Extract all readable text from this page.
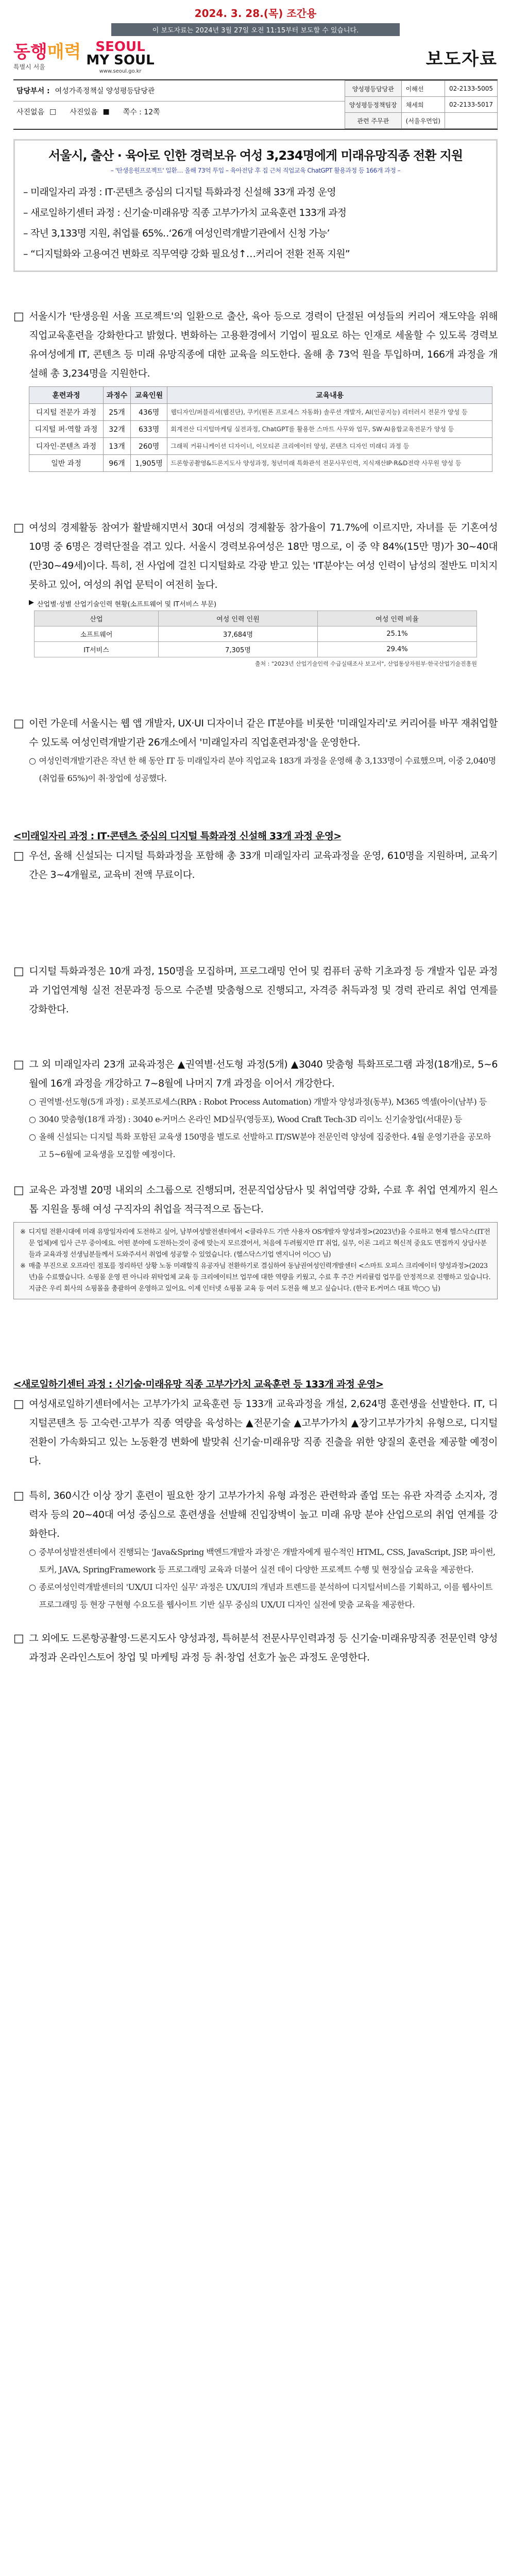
2024. 3. 28.(목) 조간용
이 보도자료는 2024년 3월 27일 오전 11:15부터 보도할 수 있습니다.
동행매력
특별시 서울
SEOUL
MY SOUL
www.seoul.go.kr
보도자료
담당부서 : 여성가족정책실 양성평등담당관
사진없음 □ 사진있음 ■ 쪽수 : 12쪽
양성평등담당관	이해선	02-2133-5005
양성평등정책팀장	채세희	02-2133-5017
관련 주무관	(서울우먼업)	
서울시, 출산 · 육아로 인한 경력보유 여성 3,234명에게 미래유망직종 전환 지원
– '탄생응원프로젝트' 일환… 올해 73억 투입 – 육아전담 후 집 근처 직업교육 ChatGPT 활용과정 등 166개 과정 –
– 미래일자리 과정 : IT·콘텐츠 중심의 디지털 특화과정 신설해 33개 과정 운영
– 새로일하기센터 과정 : 신기술·미래유망 직종 고부가가치 교육훈련 133개 과정
– 작년 3,133명 지원, 취업률 65%‥‘26개 여성인력개발기관에서 신청 가능’
– “디지털화와 고용여건 변화로 직무역량 강화 필요성↑…커리어 전환 전폭 지원”
□ 서울시가 '탄생응원 서울 프로젝트'의 일환으로 출산, 육아 등으로 경력이 단절된 여성들의 커리어 재도약을 위해 직업교육훈련을 강화한다고 밝혔다. 변화하는 고용환경에서 기업이 필요로 하는 인재로 세울할 수 있도록 경력보유여성에게 IT, 콘텐츠 등 미래 유망직종에 대한 교육을 의도한다. 올해 총 73억 원을 투입하며, 166개 과정을 개설해 총 3,234명을 지원한다.
훈련과정	과정수	교육인원	교육내용
디지털 전문가 과정	25개	436명	웹디자인/퍼블리셔(웹진단), 쿠키(뭔폰 프로세스 자동화) 솔루션 개발자, AI(인공지능) 리터러시 전문가 양성 등
디지털 퍼·역할 과정	32개	633명	회계전산 디지털마케팅 실전과정, ChatGPT를 활용한 스마트 사무와 업무, SW·AI융합교육전문가 양성 등
디자인·콘텐츠 과정	13개	260명	그래픽 커뮤니케이션 디자이너, 이모티콘 크리에이터 양성, 콘텐츠 디자인 미래디 과정 등
일반 과정	96개	1,905명	드론항공촬영&드론지도사 양성과정, 청년미래 특화관석 전문사무인력, 지식재산IP·R&D전략 사무원 양성 등
□ 여성의 경제활동 참여가 활발해지면서 30대 여성의 경제활동 참가율이 71.7%에 이르지만, 자녀를 둔 기혼여성 10명 중 6명은 경력단절을 겪고 있다. 서울시 경력보유여성은 18만 명으로, 이 중 약 84%(15만 명)가 30~40대(만30~49세)이다. 특히, 전 사업에 걸친 디지털화로 각광 받고 있는 'IT분야'는 여성 인력이 남성의 절반도 미치지 못하고 있어, 여성의 취업 문턱이 여전히 높다.
▶ 산업별·성별 산업기술인력 현황(소프트웨어 및 IT서비스 부문)
산업	여성 인력 인원	여성 인력 비율
소프트웨어	37,684명	25.1%
IT서비스	7,305명	29.4%
출처 : "2023년 산업기술인력 수급실태조사 보고서", 산업통상자원부·한국산업기술진흥원
□ 이런 가운데 서울시는 웹 앱 개발자, UX·UI 디자이너 같은 IT분야를 비롯한 '미래일자리'로 커리어를 바꾸 재취업할 수 있도록 여성인력개발기관 26개소에서 '미래일자리 직업훈련과정'을 운영한다.
○ 여성인력개발기관은 작년 한 해 동안 IT 등 미래일자리 분야 직업교육 183개 과정을 운영해 총 3,133명이 수료했으며, 이중 2,040명(취업률 65%)이 취·창업에 성공했다.
<미래일자리 과정 : IT·콘텐츠 중심의 디지털 특화과정 신설해 33개 과정 운영>
□ 우선, 올해 신설되는 디지털 특화과정을 포함해 총 33개 미래일자리 교육과정을 운영, 610명을 지원하며, 교육기간은 3~4개월로, 교육비 전액 무료이다.
□ 디지털 특화과정은 10개 과정, 150명을 모집하며, 프로그래밍 언어 및 컴퓨터 공학 기초과정 등 개발자 입문 과정과 기업연계형 실전 전문과정 등으로 수준별 맞춤형으로 진행되고, 자격증 취득과정 및 경력 관리로 취업 연계를 강화한다.
□ 그 외 미래일자리 23개 교육과정은 ▲권역별·선도형 과정(5개) ▲3040 맞춤형 특화프로그램 과정(18개)로, 5~6월에 16개 과정을 개강하고 7~8월에 나머지 7개 과정을 이어서 개강한다.
○ 권역별·선도형(5개 과정) : 로봇프로세스(RPA : Robot Process Automation) 개발자 양성과정(동부), M365 엑셀(아이(남부) 등
○ 3040 맞춤형(18개 과정) : 3040 e-커머스 온라인 MD실무(영등포), Wood Craft Tech-3D 리이노 신기술창업(서대문) 등
○ 올해 신설되는 디지털 특화 포함된 교육생 150명을 별도로 선발하고 IT/SW분야 전문인력 양성에 집중한다. 4월 운영기관을 공모하고 5~6월에 교육생을 모집할 예정이다.
□ 교육은 과정별 20명 내외의 소그룹으로 진행되며, 전문직업상담사 및 취업역량 강화, 수료 후 취업 연계까지 원스톱 지원을 통해 여성 구직자의 취업을 적극적으로 돕는다.
※ 디지털 전환시대에 미래 유망일자리에 도전하고 싶어, 남부여성발전센터에서 <클라우드 기반 사용자 OS개발자 양성과정>(2023년)을 수료하고 현재 헬스닥스(IT전문 업체)에 입사 근무 중이에요. 어떤 분야에 도전하는것이 중에 맞는지 모르겠어서, 처음에 두려웠지만 IT 취업, 실무, 이론 그리고 혁신적 중요도 면접까지 상담사분들과 교육과정 선생님분들께서 도와주셔서 취업에 성공할 수 있었습니다. (헬스닥스기업 엔지니어 이○○ 님)
※ 매출 부진으로 오프라인 점포를 정리하던 상황 노동 미래할직 유공자님 전환하기로 결심하여 동남권여성인력개발센터 <스마트 오피스 크리에이터 양성과정>(2023년)을 수료했습니다. 쇼핑몰 운영 편 아니라 위탁업체 교육 등 크리에이티브 업무에 대한 역량을 키웠고, 수료 후 주간 커리큘럼 업무를 안정적으로 진행하고 있습니다. 지금은 우리 회사의 쇼핑몰을 총괄하여 운영하고 있어요. 이제 인터넷 쇼핑몰 교육 등 여러 도전을 해 보고 싶습니다. (한국 E-커머스 대표 박○○ 님)
<새로일하기센터 과정 : 신기술·미래유망 직종 고부가가치 교육훈련 등 133개 과정 운영>
□ 여성새로일하기센터에서는 고부가가치 교육훈련 등 133개 교육과정을 개설, 2,624명 훈련생을 선발한다. IT, 디지털콘텐츠 등 고숙련·고부가 직종 역량을 육성하는 ▲전문기술 ▲고부가가치 ▲장기고부가가치 유형으로, 디지털 전환이 가속화되고 있는 노동환경 변화에 발맞춰 신기술·미래유망 직종 진출을 위한 양질의 훈련을 제공할 예정이다.
□ 특히, 360시간 이상 장기 훈련이 필요한 장기 고부가가치 유형 과정은 관련학과 졸업 또는 유관 자격증 소지자, 경력자 등의 20~40대 여성 중심으로 훈련생을 선발해 진입장벽이 높고 미래 유망 분야 산업으로의 취업 연계를 강화한다.
○ 중부여성발전센터에서 진행되는 'Java&Spring 백엔드개발자 과정'은 개발자에게 필수적인 HTML, CSS, JavaScript, JSP, 파이썬, 토커, JAVA, SpringFramework 등 프로그래밍 교육과 더불어 실전 데이 다양한 프로젝트 수행 및 현장실습 교육을 제공한다.
○ 종로여성인력개발센터의 'UX/UI 디자인 실무' 과정은 UX/UI의 개념과 트렌드를 분석하여 디지털서비스를 기획하고, 이를 웹사이트 프로그래밍 등 현장 구현형 수요도를 웹사이트 기반 실무 중심의 UX/UI 디자인 실전에 맞춤 교육을 제공한다.
□ 그 외에도 드론항공촬영·드론지도사 양성과정, 특허분석 전문사무인력과정 등 신기술·미래유망직종 전문인력 양성과정과 온라인스토어 창업 및 마케팅 과정 등 취·창업 선호가 높은 과정도 운영한다.
